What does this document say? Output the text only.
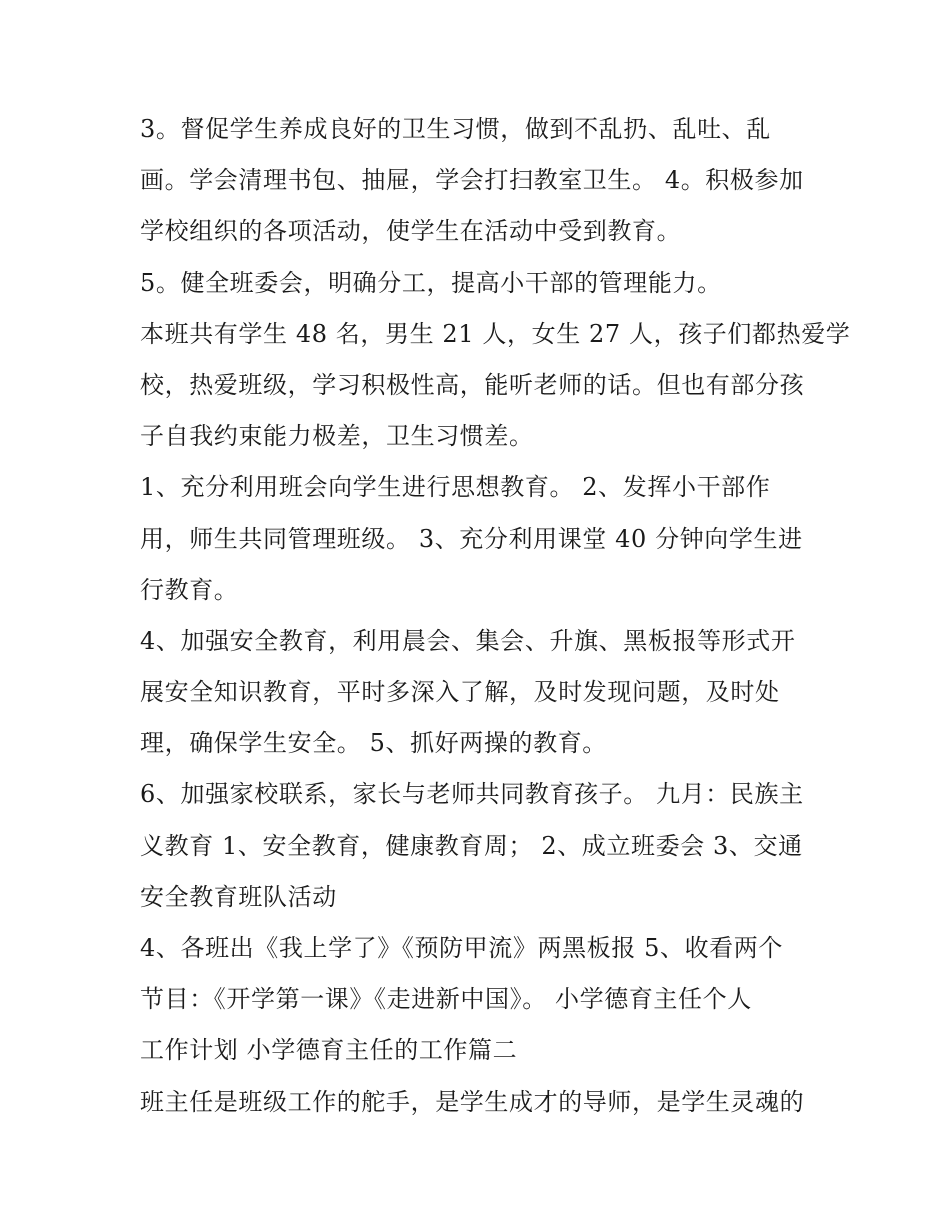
3。督促学生养成良好的卫生习惯，做到不乱扔、乱吐、乱
画。学会清理书包、抽屉，学会打扫教室卫生。 4。积极参加
学校组织的各项活动，使学生在活动中受到教育。
5。健全班委会，明确分工，提高小干部的管理能力。
本班共有学生 48 名，男生 21 人，女生 27 人，孩子们都热爱学
校，热爱班级，学习积极性高，能听老师的话。但也有部分孩
子自我约束能力极差，卫生习惯差。
1、充分利用班会向学生进行思想教育。 2、发挥小干部作
用，师生共同管理班级。 3、充分利用课堂 40 分钟向学生进
行教育。
4、加强安全教育，利用晨会、集会、升旗、黑板报等形式开
展安全知识教育，平时多深入了解，及时发现问题，及时处
理，确保学生安全。 5、抓好两操的教育。
6、加强家校联系，家长与老师共同教育孩子。 九月：民族主
义教育 1、安全教育，健康教育周； 2、成立班委会 3、交通
安全教育班队活动
4、各班出《我上学了》《预防甲流》两黑板报 5、收看两个
节目：《开学第一课》《走进新中国》。 小学德育主任个人
工作计划 小学德育主任的工作篇二
班主任是班级工作的舵手，是学生成才的导师，是学生灵魂的
